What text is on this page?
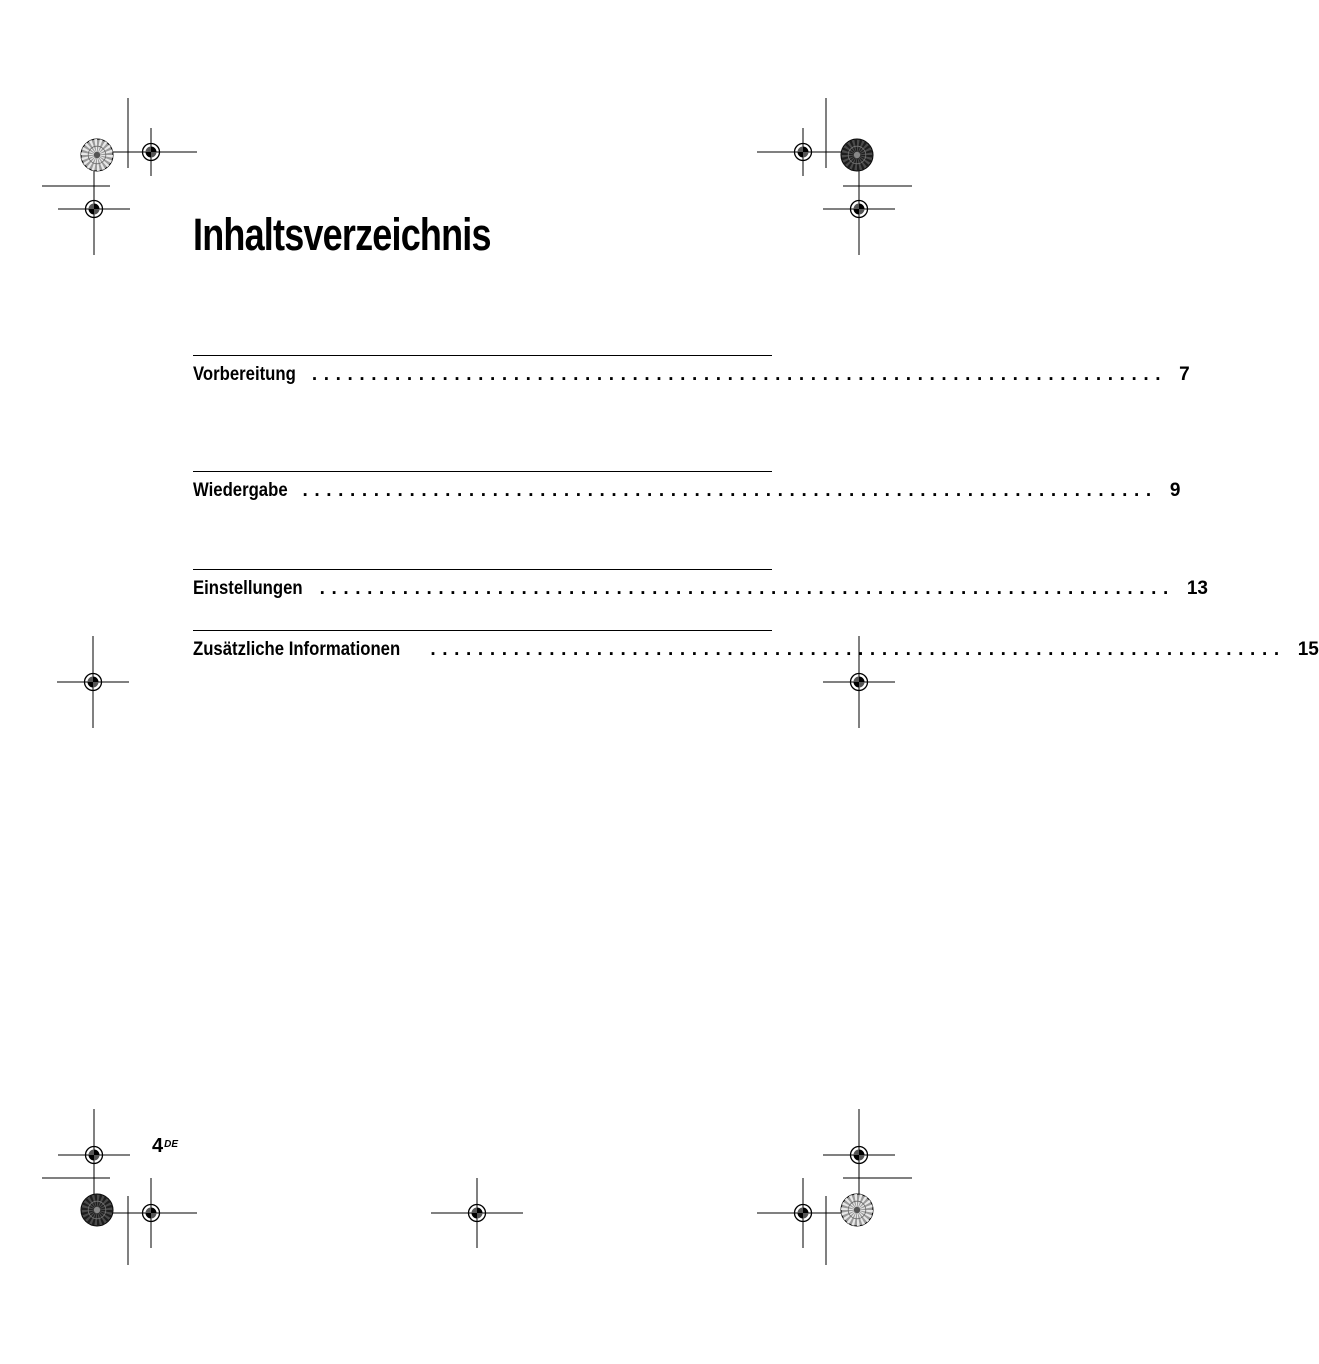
Inhaltsverzeichnis
Vorbereitung ........................................................................ 7
Wiedergabe ........................................................................ 9
Einstellungen ........................................................................ 13
Zusätzliche Informationen ........................................................................ 15
4DE
